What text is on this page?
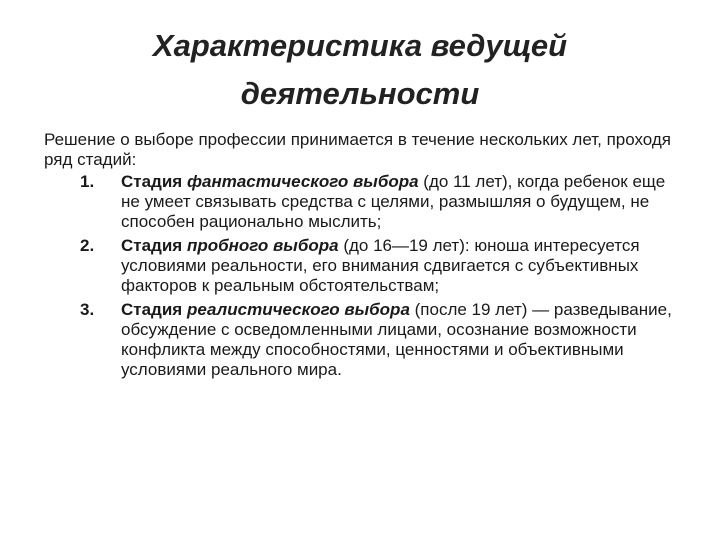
Характеристика ведущей
деятельности

Решение о выборе профессии принимается в течение нескольких лет, проходя ряд стадий:

1. Стадия фантастического выбора (до 11 лет), когда ребенок еще не умеет связывать средства с целями, размышляя о будущем, не способен рационально мыслить;
2. Стадия пробного выбора (до 16—19 лет): юноша интересуется условиями реальности, его внимания сдвигается с субъективных факторов к реальным обстоятельствам;
3. Стадия реалистического выбора (после 19 лет) — разведывание, обсуждение с осведомленными лицами, осознание возможности конфликта между способностями, ценностями и объективными условиями реального мира.
